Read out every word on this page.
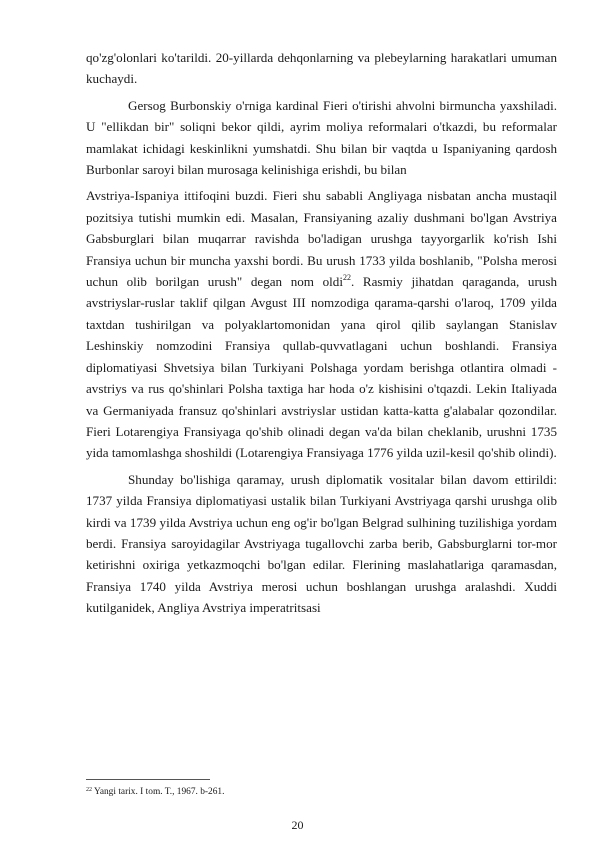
qo'zg'olonlari ko'tarildi. 20-yillarda dehqonlarning va plebeylarning harakatlari umuman kuchaydi.

Gersog Burbonskiy o'rniga kardinal Fieri o'tirishi ahvolni birmuncha yaxshiladi. U "ellikdan bir" soliqni bekor qildi, ayrim moliya reformalari o'tkazdi, bu reformalar mamlakat ichidagi keskinlikni yumshatdi. Shu bilan bir vaqtda u Ispaniyaning qardosh Burbonlar saroyi bilan murosaga kelinishiga erishdi, bu bilan

Avstriya-Ispaniya ittifoqini buzdi. Fieri shu sababli Angliyaga nisbatan ancha mustaqil pozitsiya tutishi mumkin edi. Masalan, Fransiyaning azaliy dushmani bo'lgan Avstriya Gabsburglari bilan muqarrar ravishda bo'ladigan urushga tayyorgarlik ko'rish Ishi Fransiya uchun bir muncha yaxshi bordi. Bu urush 1733 yilda boshlanib, "Polsha merosi uchun olib borilgan urush" degan nom oldi$^{22}$. Rasmiy jihatdan qaraganda, urush avstriyslar-ruslar taklif qilgan Avgust III nomzodiga qarama-qarshi o'laroq, 1709 yilda taxtdan tushirilgan va polyaklartomonidan yana qirol qilib saylangan Stanislav Leshinskiy nomzodini Fransiya qullab-quvvatlagani uchun boshlandi. Fransiya diplomatiyasi Shvetsiya bilan Turkiyani Polshaga yordam berishga otlantira olmadi - avstriys va rus qo'shinlari Polsha taxtiga har hoda o'z kishisini o'tqazdi. Lekin Italiyada va Germaniyada fransuz qo'shinlari avstriyslar ustidan katta-katta g'alabalar qozondilar. Fieri Lotarengiya Fransiyaga qo'shib olinadi degan va'da bilan cheklanib, urushni 1735 yida tamomlashga shoshildi (Lotarengiya Fransiyaga 1776 yilda uzil-kesil qo'shib olindi).

Shunday bo'lishiga qaramay, urush diplomatik vositalar bilan davom ettirildi: 1737 yilda Fransiya diplomatiyasi ustalik bilan Turkiyani Avstriyaga qarshi urushga olib kirdi va 1739 yilda Avstriya uchun eng og'ir bo'lgan Belgrad sulhining tuzilishiga yordam berdi. Fransiya saroyidagilar Avstriyaga tugallovchi zarba berib, Gabsburglarni tor-mor ketirishni oxiriga yetkazmoqchi bo'lgan edilar. Flerining maslahatlariga qaramasdan, Fransiya 1740 yilda Avstriya merosi uchun boshlangan urushga aralashdi. Xuddi kutilganidek, Angliya Avstriya imperatritsasi

$^{22}$ Yangi tarix. I tom. T., 1967. b-261.
20
